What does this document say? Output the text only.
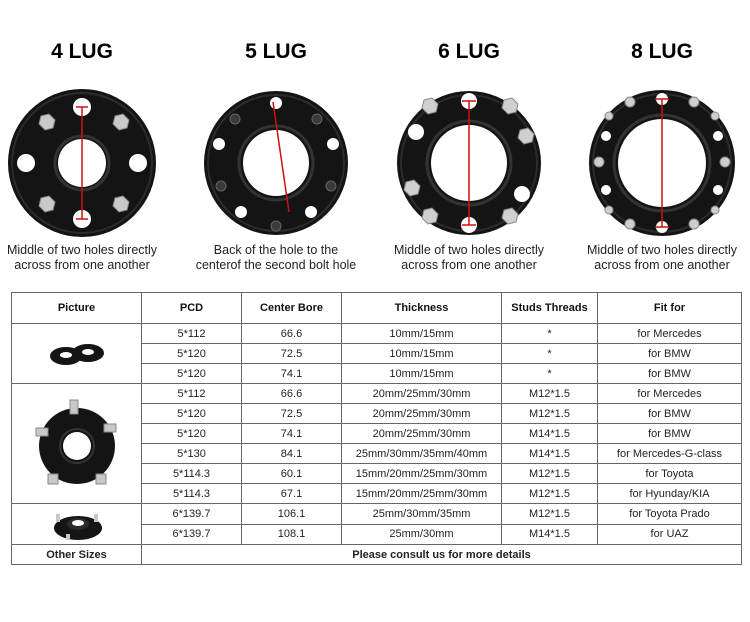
4 LUG
Middle of two holes directly
across from one another
5 LUG
Back of the hole to the
centerof the second bolt hole
6 LUG
Middle of two holes directly
across from one another
8 LUG
Middle of two holes directly
across from one another
Picture	PCD	Center Bore	Thickness	Studs Threads	Fit for

	5*112	66.6	10mm/15mm	*	for Mercedes
	5*120	72.5	10mm/15mm	*	for BMW
	5*120	74.1	10mm/15mm	*	for BMW

	5*112	66.6	20mm/25mm/30mm	M12*1.5	for Mercedes
	5*120	72.5	20mm/25mm/30mm	M12*1.5	for BMW
	5*120	74.1	20mm/25mm/30mm	M14*1.5	for BMW
	5*130	84.1	25mm/30mm/35mm/40mm	M14*1.5	for Mercedes-G-class
	5*114.3	60.1	15mm/20mm/25mm/30mm	M12*1.5	for Toyota
	5*114.3	67.1	15mm/20mm/25mm/30mm	M12*1.5	for Hyunday/KIA

	6*139.7	106.1	25mm/30mm/35mm	M12*1.5	for Toyota Prado
	6*139.7	108.1	25mm/30mm	M14*1.5	for UAZ
Other Sizes	Please consult us for more details				
